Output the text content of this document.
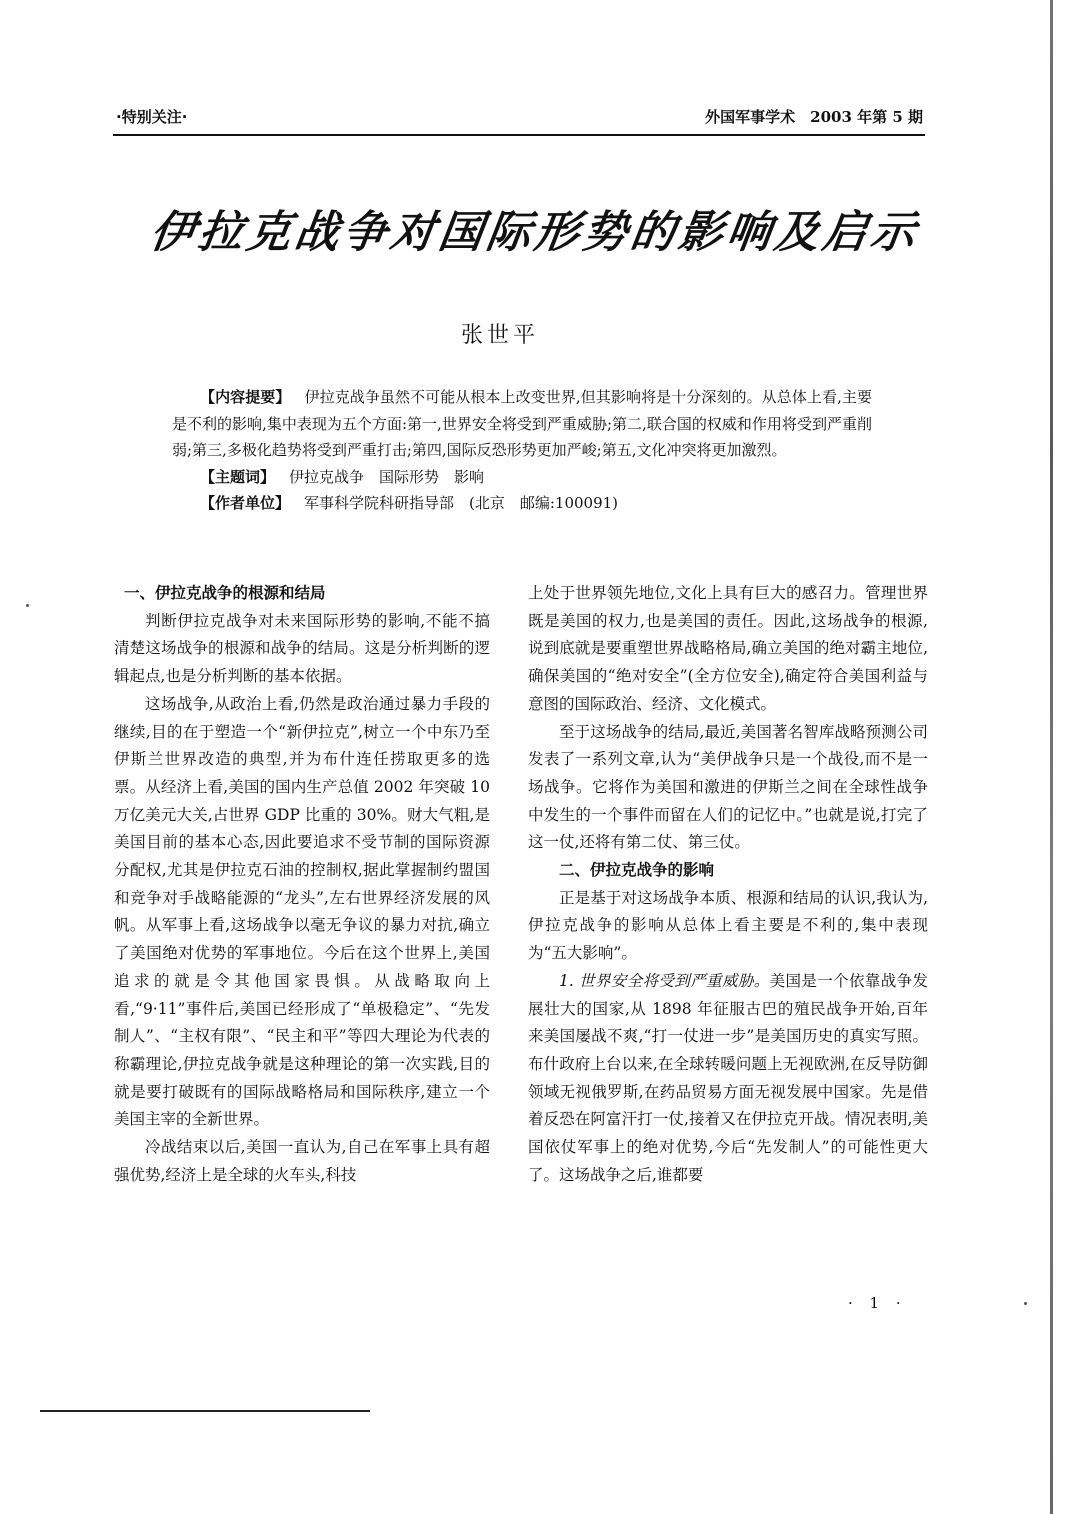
·特别关注·	外国军事学术　2003 年第 5 期
伊拉克战争对国际形势的影响及启示
张世平
【内容提要】 伊拉克战争虽然不可能从根本上改变世界,但其影响将是十分深刻的。从总体上看,主要是不利的影响,集中表现为五个方面:第一,世界安全将受到严重威胁;第二,联合国的权威和作用将受到严重削弱;第三,多极化趋势将受到严重打击;第四,国际反恐形势更加严峻;第五,文化冲突将更加激烈。
【主题词】 伊拉克战争　国际形势　影响
【作者单位】 军事科学院科研指导部　(北京　邮编:100091)
一、伊拉克战争的根源和结局

判断伊拉克战争对未来国际形势的影响,不能不搞清楚这场战争的根源和战争的结局。这是分析判断的逻辑起点,也是分析判断的基本依据。

这场战争,从政治上看,仍然是政治通过暴力手段的继续,目的在于塑造一个“新伊拉克”,树立一个中东乃至伊斯兰世界改造的典型,并为布什连任捞取更多的选票。从经济上看,美国的国内生产总值 2002 年突破 10 万亿美元大关,占世界 GDP 比重的 30%。财大气粗,是美国目前的基本心态,因此要追求不受节制的国际资源分配权,尤其是伊拉克石油的控制权,据此掌握制约盟国和竞争对手战略能源的“龙头”,左右世界经济发展的风帆。从军事上看,这场战争以毫无争议的暴力对抗,确立了美国绝对优势的军事地位。今后在这个世界上,美国追求的就是令其他国家畏惧。从战略取向上看,“9·11”事件后,美国已经形成了“单极稳定”、“先发制人”、“主权有限”、“民主和平”等四大理论为代表的称霸理论,伊拉克战争就是这种理论的第一次实践,目的就是要打破既有的国际战略格局和国际秩序,建立一个美国主宰的全新世界。

冷战结束以后,美国一直认为,自己在军事上具有超强优势,经济上是全球的火车头,科技

上处于世界领先地位,文化上具有巨大的感召力。管理世界既是美国的权力,也是美国的责任。因此,这场战争的根源,说到底就是要重塑世界战略格局,确立美国的绝对霸主地位,确保美国的“绝对安全”(全方位安全),确定符合美国利益与意图的国际政治、经济、文化模式。

至于这场战争的结局,最近,美国著名智库战略预测公司发表了一系列文章,认为“美伊战争只是一个战役,而不是一场战争。它将作为美国和激进的伊斯兰之间在全球性战争中发生的一个事件而留在人们的记忆中。”也就是说,打完了这一仗,还将有第二仗、第三仗。

二、伊拉克战争的影响

正是基于对这场战争本质、根源和结局的认识,我认为,伊拉克战争的影响从总体上看主要是不利的,集中表现为“五大影响”。

1. 世界安全将受到严重威胁。美国是一个依靠战争发展壮大的国家,从 1898 年征服古巴的殖民战争开始,百年来美国屡战不爽,“打一仗进一步”是美国历史的真实写照。布什政府上台以来,在全球转暖问题上无视欧洲,在反导防御领域无视俄罗斯,在药品贸易方面无视发展中国家。先是借着反恐在阿富汗打一仗,接着又在伊拉克开战。情况表明,美国依仗军事上的绝对优势,今后“先发制人”的可能性更大了。这场战争之后,谁都要

· 1 ·
